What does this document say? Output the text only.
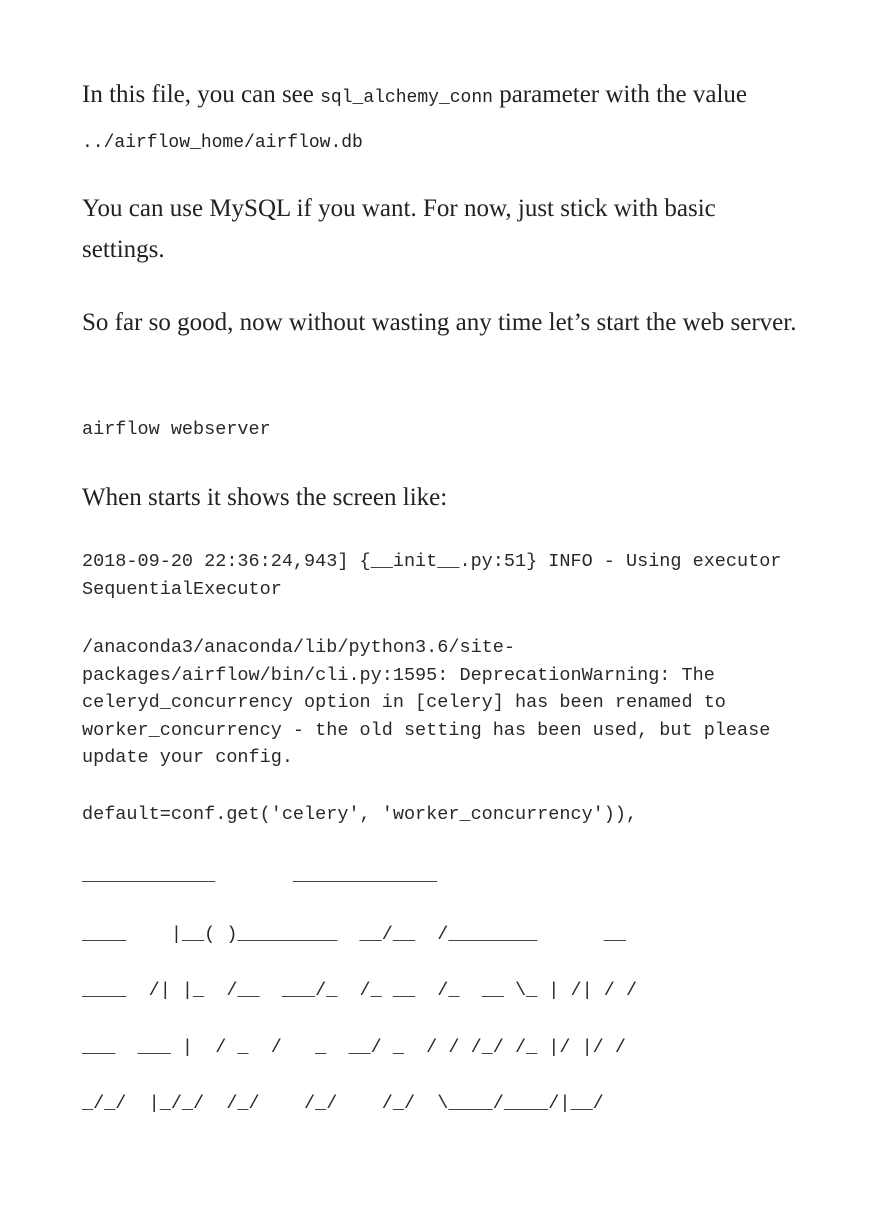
In this file, you can see sql_alchemy_conn parameter with the value ../airflow_home/airflow.db

You can use MySQL if you want. For now, just stick with basic settings.

So far so good, now without wasting any time let’s start the web server.

airflow webserver

When starts it shows the screen like:

2018-09-20 22:36:24,943] {__init__.py:51} INFO - Using executor SequentialExecutor
/anaconda3/anaconda/lib/python3.6/site-packages/airflow/bin/cli.py:1595: DeprecationWarning: The celeryd_concurrency option in [celery] has been renamed to worker_concurrency - the old setting has been used, but please update your config.
default=conf.get('celery', 'worker_concurrency')),
____________       _____________
____    |__( )_________  __/__  /________      __
____  /| |_  /__  ___/_  /_ __  /_  __ \_ | /| / /
___  ___ |  / _  /   _  __/ _  / / /_/ /_ |/ |/ /
_/_/  |_/_/  /_/    /_/    /_/  \____/____/|__/
